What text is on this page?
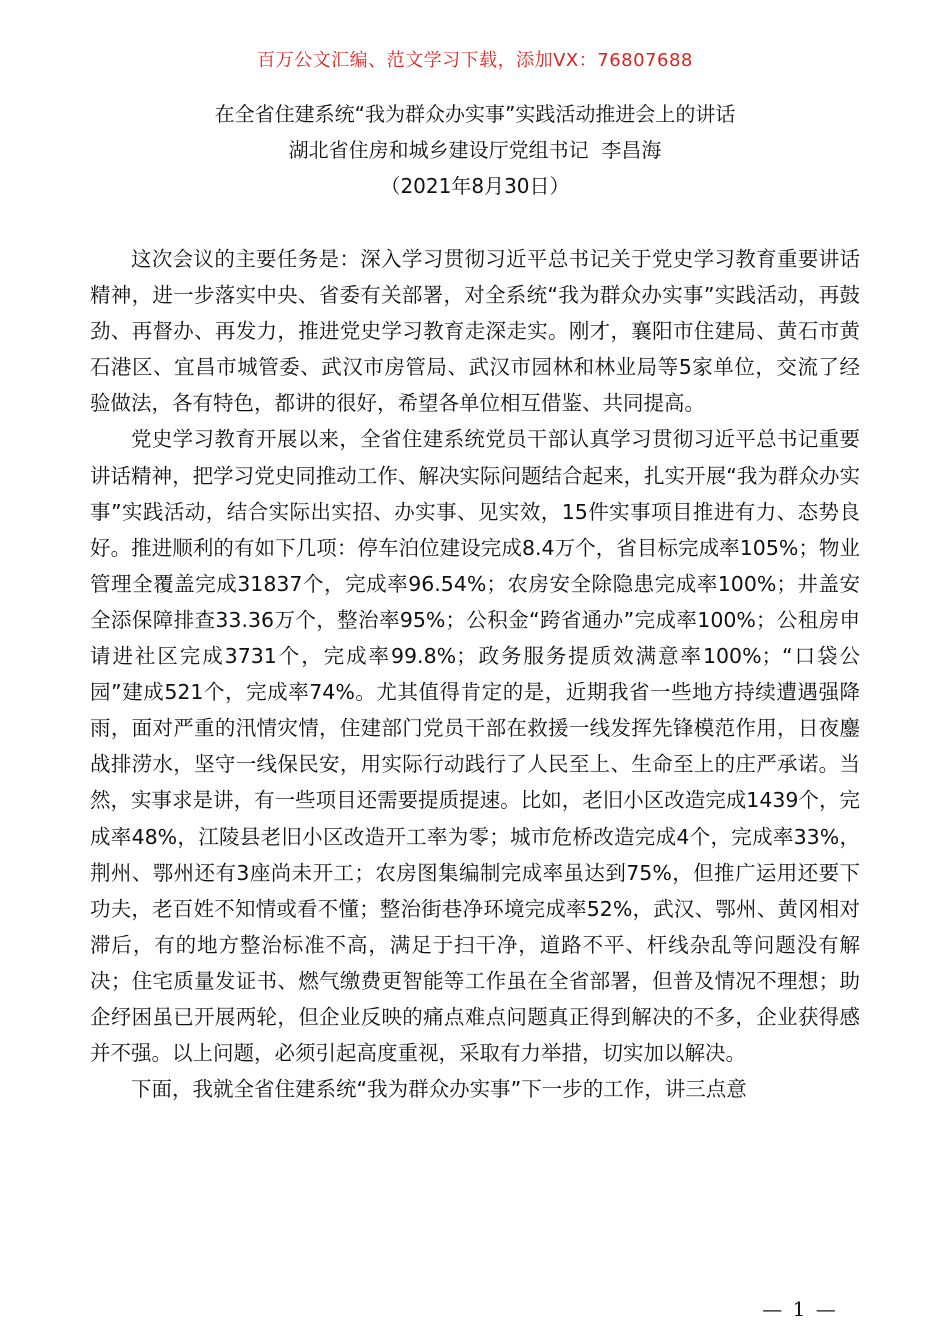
百万公文汇编、范文学习下载，添加VX：76807688
在全省住建系统“我为群众办实事”实践活动推进会上的讲话
湖北省住房和城乡建设厅党组书记  李昌海
（2021年8月30日）

这次会议的主要任务是：深入学习贯彻习近平总书记关于党史学习教育重要讲话精神，进一步落实中央、省委有关部署，对全系统“我为群众办实事”实践活动，再鼓劲、再督办、再发力，推进党史学习教育走深走实。刚才，襄阳市住建局、黄石市黄石港区、宜昌市城管委、武汉市房管局、武汉市园林和林业局等5家单位，交流了经验做法，各有特色，都讲的很好，希望各单位相互借鉴、共同提高。

党史学习教育开展以来，全省住建系统党员干部认真学习贯彻习近平总书记重要讲话精神，把学习党史同推动工作、解决实际问题结合起来，扎实开展“我为群众办实事”实践活动，结合实际出实招、办实事、见实效，15件实事项目推进有力、态势良好。推进顺利的有如下几项：停车泊位建设完成8.4万个，省目标完成率105%；物业管理全覆盖完成31837个，完成率96.54%；农房安全除隐患完成率100%；井盖安全添保障排查33.36万个，整治率95%；公积金“跨省通办”完成率100%；公租房申请进社区完成3731个，完成率99.8%；政务服务提质效满意率100%；“口袋公园”建成521个，完成率74%。尤其值得肯定的是，近期我省一些地方持续遭遇强降雨，面对严重的汛情灾情，住建部门党员干部在救援一线发挥先锋模范作用，日夜鏖战排涝水，坚守一线保民安，用实际行动践行了人民至上、生命至上的庄严承诺。当然，实事求是讲，有一些项目还需要提质提速。比如，老旧小区改造完成1439个，完成率48%，江陵县老旧小区改造开工率为零；城市危桥改造完成4个，完成率33%，荆州、鄂州还有3座尚未开工；农房图集编制完成率虽达到75%，但推广运用还要下功夫，老百姓不知情或看不懂；整治街巷净环境完成率52%，武汉、鄂州、黄冈相对滞后，有的地方整治标准不高，满足于扫干净，道路不平、杆线杂乱等问题没有解决；住宅质量发证书、燃气缴费更智能等工作虽在全省部署，但普及情况不理想；助企纾困虽已开展两轮，但企业反映的痛点难点问题真正得到解决的不多，企业获得感并不强。以上问题，必须引起高度重视，采取有力举措，切实加以解决。

下面，我就全省住建系统“我为群众办实事”下一步的工作，讲三点意

— 1 —
